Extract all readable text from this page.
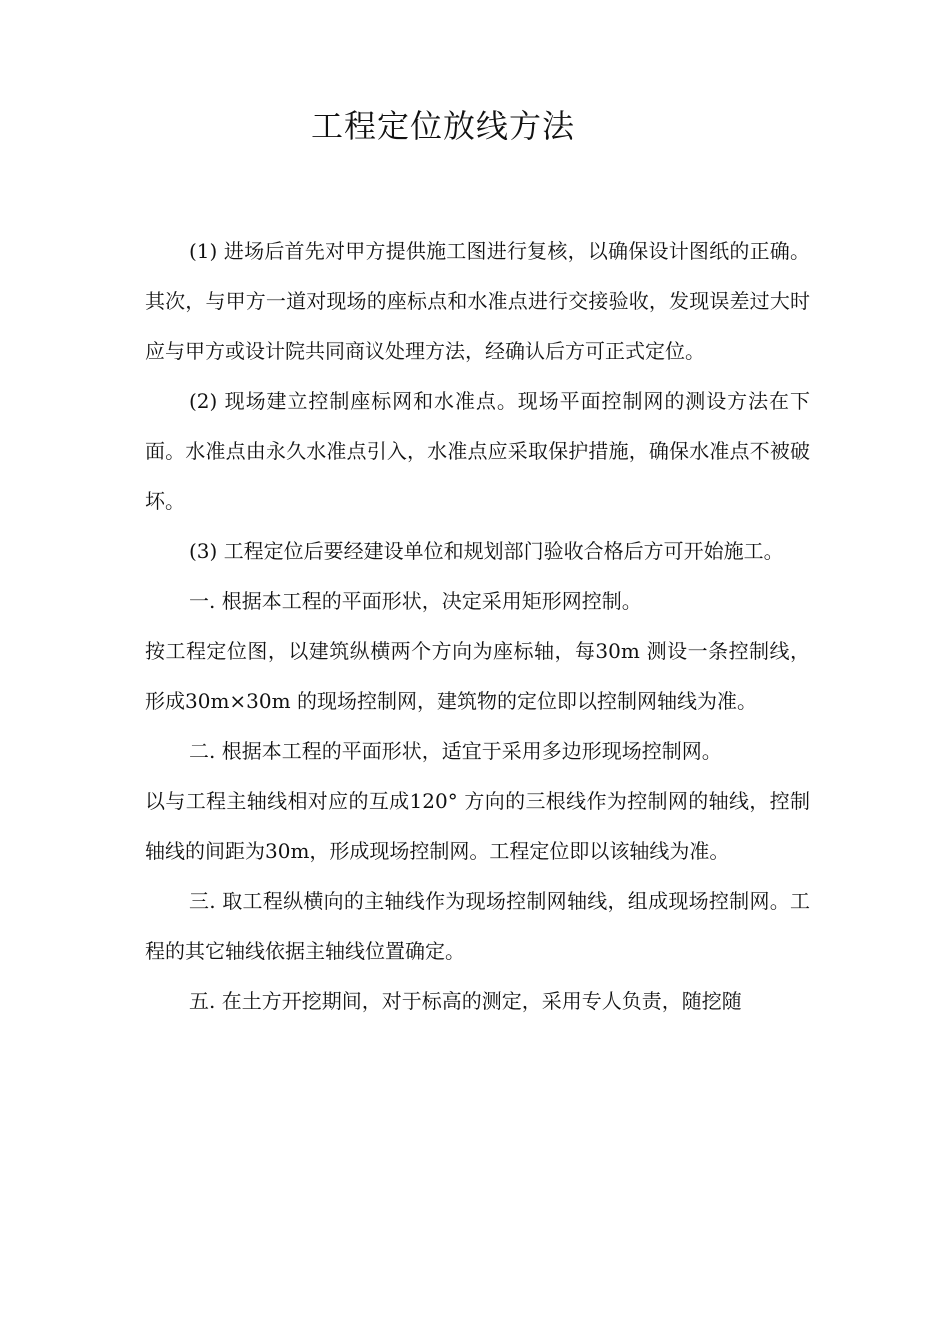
工程定位放线方法

(1) 进场后首先对甲方提供施工图进行复核，以确保设计图纸的正确。其次，与甲方一道对现场的座标点和水准点进行交接验收，发现误差过大时应与甲方或设计院共同商议处理方法，经确认后方可正式定位。

(2) 现场建立控制座标网和水准点。现场平面控制网的测设方法在下面。水准点由永久水准点引入，水准点应采取保护措施，确保水准点不被破坏。

(3) 工程定位后要经建设单位和规划部门验收合格后方可开始施工。

一. 根据本工程的平面形状，决定采用矩形网控制。

按工程定位图，以建筑纵横两个方向为座标轴，每30m 测设一条控制线，形成30m×30m 的现场控制网，建筑物的定位即以控制网轴线为准。

二. 根据本工程的平面形状，适宜于采用多边形现场控制网。

以与工程主轴线相对应的互成120° 方向的三根线作为控制网的轴线，控制轴线的间距为30m，形成现场控制网。工程定位即以该轴线为准。

三. 取工程纵横向的主轴线作为现场控制网轴线，组成现场控制网。工程的其它轴线依据主轴线位置确定。

五. 在土方开挖期间，对于标高的测定，采用专人负责，随挖随
